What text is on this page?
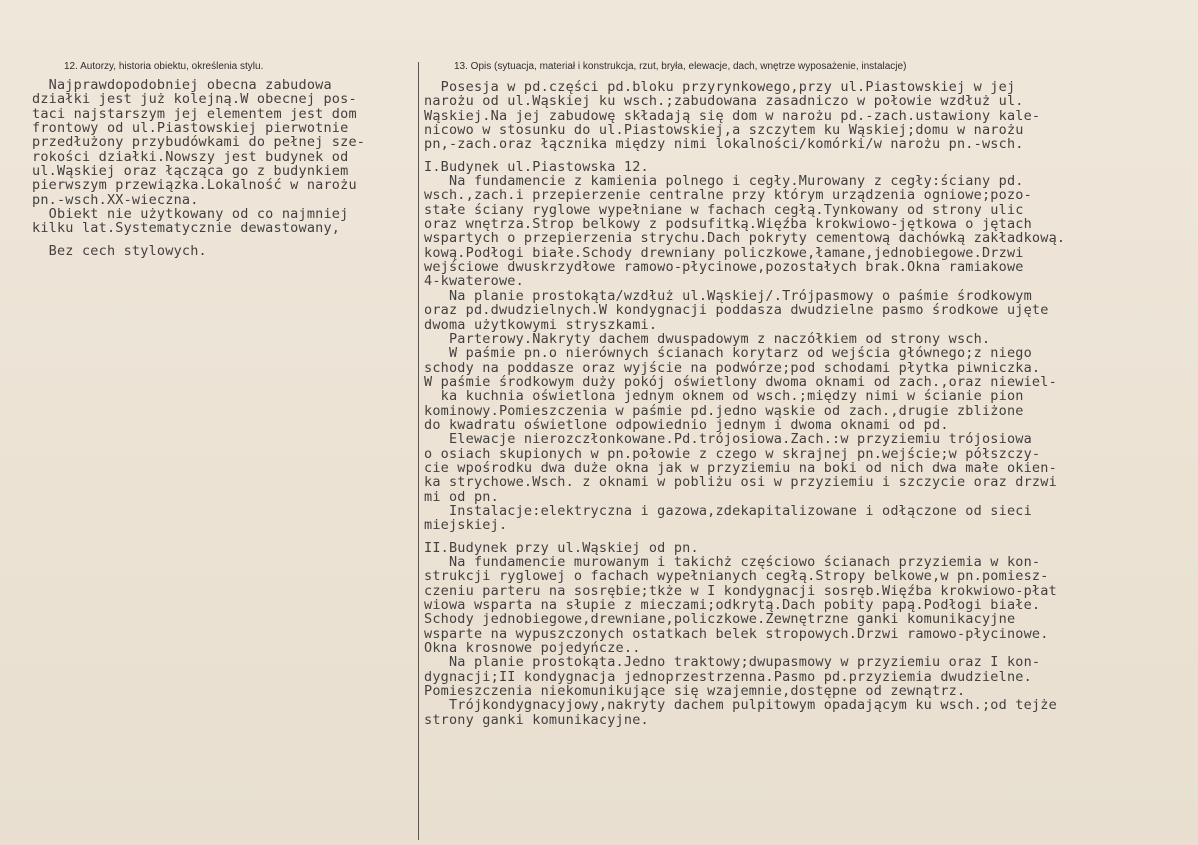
12. Autorzy, historia obiektu, określenia stylu.	13. Opis (sytuacja, materiał i konstrukcja, rzut, bryła, elewacje, dach, wnętrze wyposażenie, instalacje)
Najprawdopodobniej obecna zabudowa
działki jest już kolejną.W obecnej pos-
taci najstarszym jej elementem jest dom
frontowy od ul.Piastowskiej pierwotnie
przedłużony przybudówkami do pełnej sze-
rokości działki.Nowszy jest budynek od
ul.Wąskiej oraz łącząca go z budynkiem
pierwszym przewiązka.Lokalność w narożu
pn.-wsch.XX-wieczna.
Obiekt nie użytkowany od co najmniej
kilku lat.Systematycznie dewastowany,
Bez cech stylowych.
Posesja w pd.części pd.bloku przyrynkowego,przy ul.Piastowskiej w jej
narożu od ul.Wąskiej ku wsch.;zabudowana zasadniczo w połowie wzdłuż ul.
Wąskiej.Na jej zabudowę składają się dom w narożu pd.-zach.ustawiony kale-
nicowo w stosunku do ul.Piastowskiej,a szczytem ku Wąskiej;domu w narożu
pn,-zach.oraz łącznika między nimi lokalności/komórki/w narożu pn.-wsch.
I.Budynek ul.Piastowska 12.
Na fundamencie z kamienia polnego i cegły.Murowany z cegły:ściany pd.
wsch.,zach.i przepierzenie centralne przy którym urządzenia ogniowe;pozo-
stałe ściany ryglowe wypełniane w fachach cegłą.Tynkowany od strony ulic
oraz wnętrza.Strop belkowy z podsufitką.Więźba krokwiowo-jętkowa o jętach
wspartych o przepierzenia strychu.Dach pokryty cementową dachówką zakładkową.
kową.Podłogi białe.Schody drewniany policzkowe,łamane,jednobiegowe.Drzwi
wejściowe dwuskrzydłowe ramowo-płycinowe,pozostałych brak.Okna ramiakowe
4-kwaterowe.
Na planie prostokąta/wzdłuż ul.Wąskiej/.Trójpasmowy o paśmie środkowym
oraz pd.dwudzielnych.W kondygnacji poddasza dwudzielne pasmo środkowe ujęte
dwoma użytkowymi stryszkami.
Parterowy.Nakryty dachem dwuspadowym z naczółkiem od strony wsch.
W paśmie pn.o nierównych ścianach korytarz od wejścia głównego;z niego
schody na poddasze oraz wyjście na podwórze;pod schodami płytka piwniczka.
W paśmie środkowym duży pokój oświetlony dwoma oknami od zach.,oraz niewiel-
ka kuchnia oświetlona jednym oknem od wsch.;między nimi w ścianie pion
kominowy.Pomieszczenia w paśmie pd.jedno wąskie od zach.,drugie zbliżone
do kwadratu oświetlone odpowiednio jednym i dwoma oknami od pd.
Elewacje nierozczłonkowane.Pd.trójosiowa.Zach.:w przyziemiu trójosiowa
o osiach skupionych w pn.połowie z czego w skrajnej pn.wejście;w półszczy-
cie wpośrodku dwa duże okna jak w przyziemiu na boki od nich dwa małe okien-
ka strychowe.Wsch. z oknami w pobliżu osi w przyziemiu i szczycie oraz drzwi
mi od pn.
Instalacje:elektryczna i gazowa,zdekapitalizowane i odłączone od sieci
miejskiej.
II.Budynek przy ul.Wąskiej od pn.
Na fundamencie murowanym i takichż częściowo ścianach przyziemia w kon-
strukcji ryglowej o fachach wypełnianych cegłą.Stropy belkowe,w pn.pomiesz-
czeniu parteru na sosrębie;tkże w I kondygnacji sosręb.Więźba krokwiowo-płat
wiowa wsparta na słupie z mieczami;odkrytą.Dach pobity papą.Podłogi białe.
Schody jednobiegowe,drewniane,policzkowe.Zewnętrzne ganki komunikacyjne
wsparte na wypuszczonych ostatkach belek stropowych.Drzwi ramowo-płycinowe.
Okna krosnowe pojedyńcze..
Na planie prostokąta.Jedno traktowy;dwupasmowy w przyziemiu oraz I kon-
dygnacji;II kondygnacja jednoprzestrzenna.Pasmo pd.przyziemia dwudzielne.
Pomieszczenia niekomunikujące się wzajemnie,dostępne od zewnątrz.
Trójkondygnacyjowy,nakryty dachem pulpitowym opadającym ku wsch.;od tejże
strony ganki komunikacyjne.
